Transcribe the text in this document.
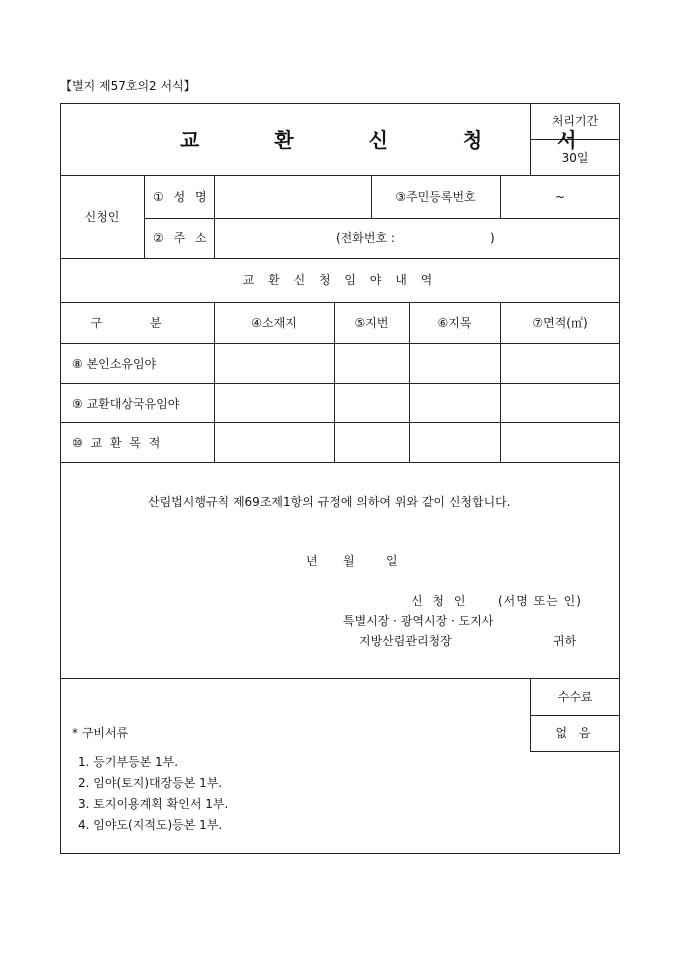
【별지 제57호의2 서식】
교 환 신 청 서
처리기간
30일
신청인
① 성 명	③주민등록번호	~
② 주 소	(전화번호 :	)
교 환 신 청 임 야 내 역
구 분	④소재지	⑤지번	⑥지목	⑦면적(㎡)
⑧ 본인소유임야
⑨ 교환대상국유임야
⑩ 교 환 목 적
산림법시행규칙 제69조제1항의 규정에 의하여 위와 같이 신청합니다.
년 월	일
신 청 인 (서명 또는 인)
특별시장 · 광역시장 · 도지사
지방산림관리청장	귀하
수수료
없 음
* 구비서류
1. 등기부등본 1부.
2. 임야(토지)대장등본 1부.
3. 토지이용계획 확인서 1부.
4. 임야도(지적도)등본 1부.
